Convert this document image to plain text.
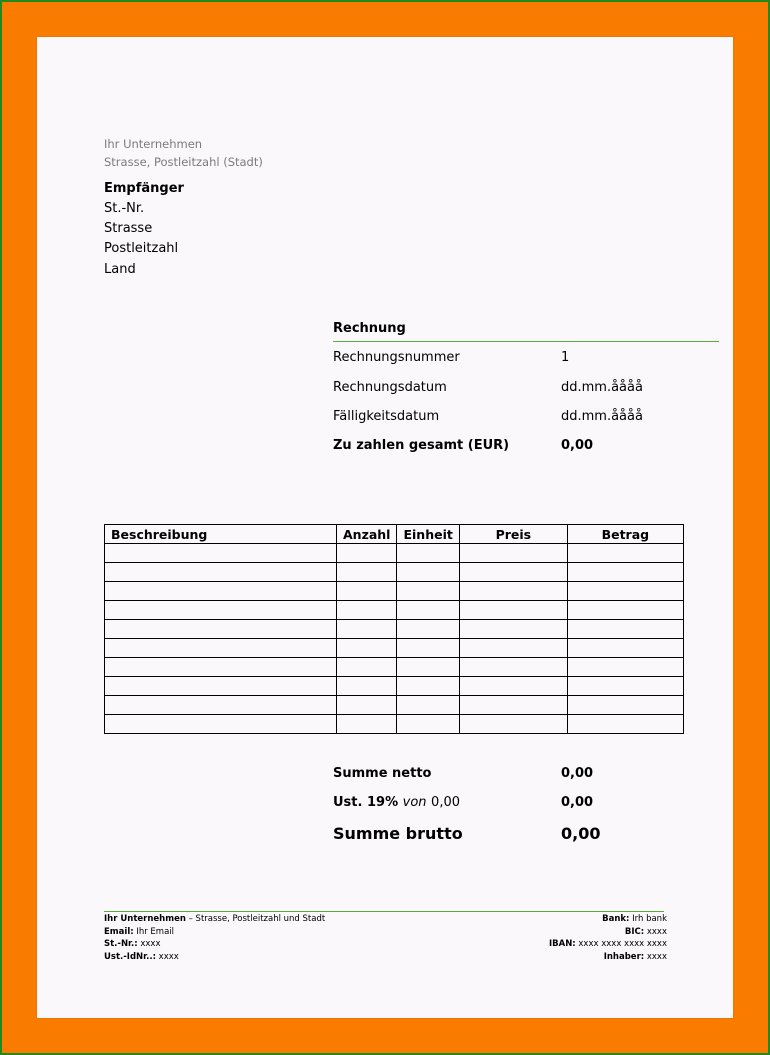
Ihr Unternehmen
Strasse, Postleitzahl (Stadt)
Empfänger
St.-Nr.
Strasse
Postleitzahl
Land
Rechnung
Rechnungsnummer	1
Rechnungsdatum	dd.mm.åååå
Fälligkeitsdatum	dd.mm.åååå
Zu zahlen gesamt (EUR)	0,00
Beschreibung	Anzahl	Einheit	Preis	Betrag

Summe netto	0,00
Ust. 19% von 0,00	0,00
Summe brutto	0,00
Ihr Unternehmen – Strasse, Postleitzahl und Stadt
Email: Ihr Email
St.-Nr.: xxxx
Ust.-IdNr..: xxxx
Bank: Irh bank
BIC: xxxx
IBAN: xxxx xxxx xxxx xxxx
Inhaber: xxxx
